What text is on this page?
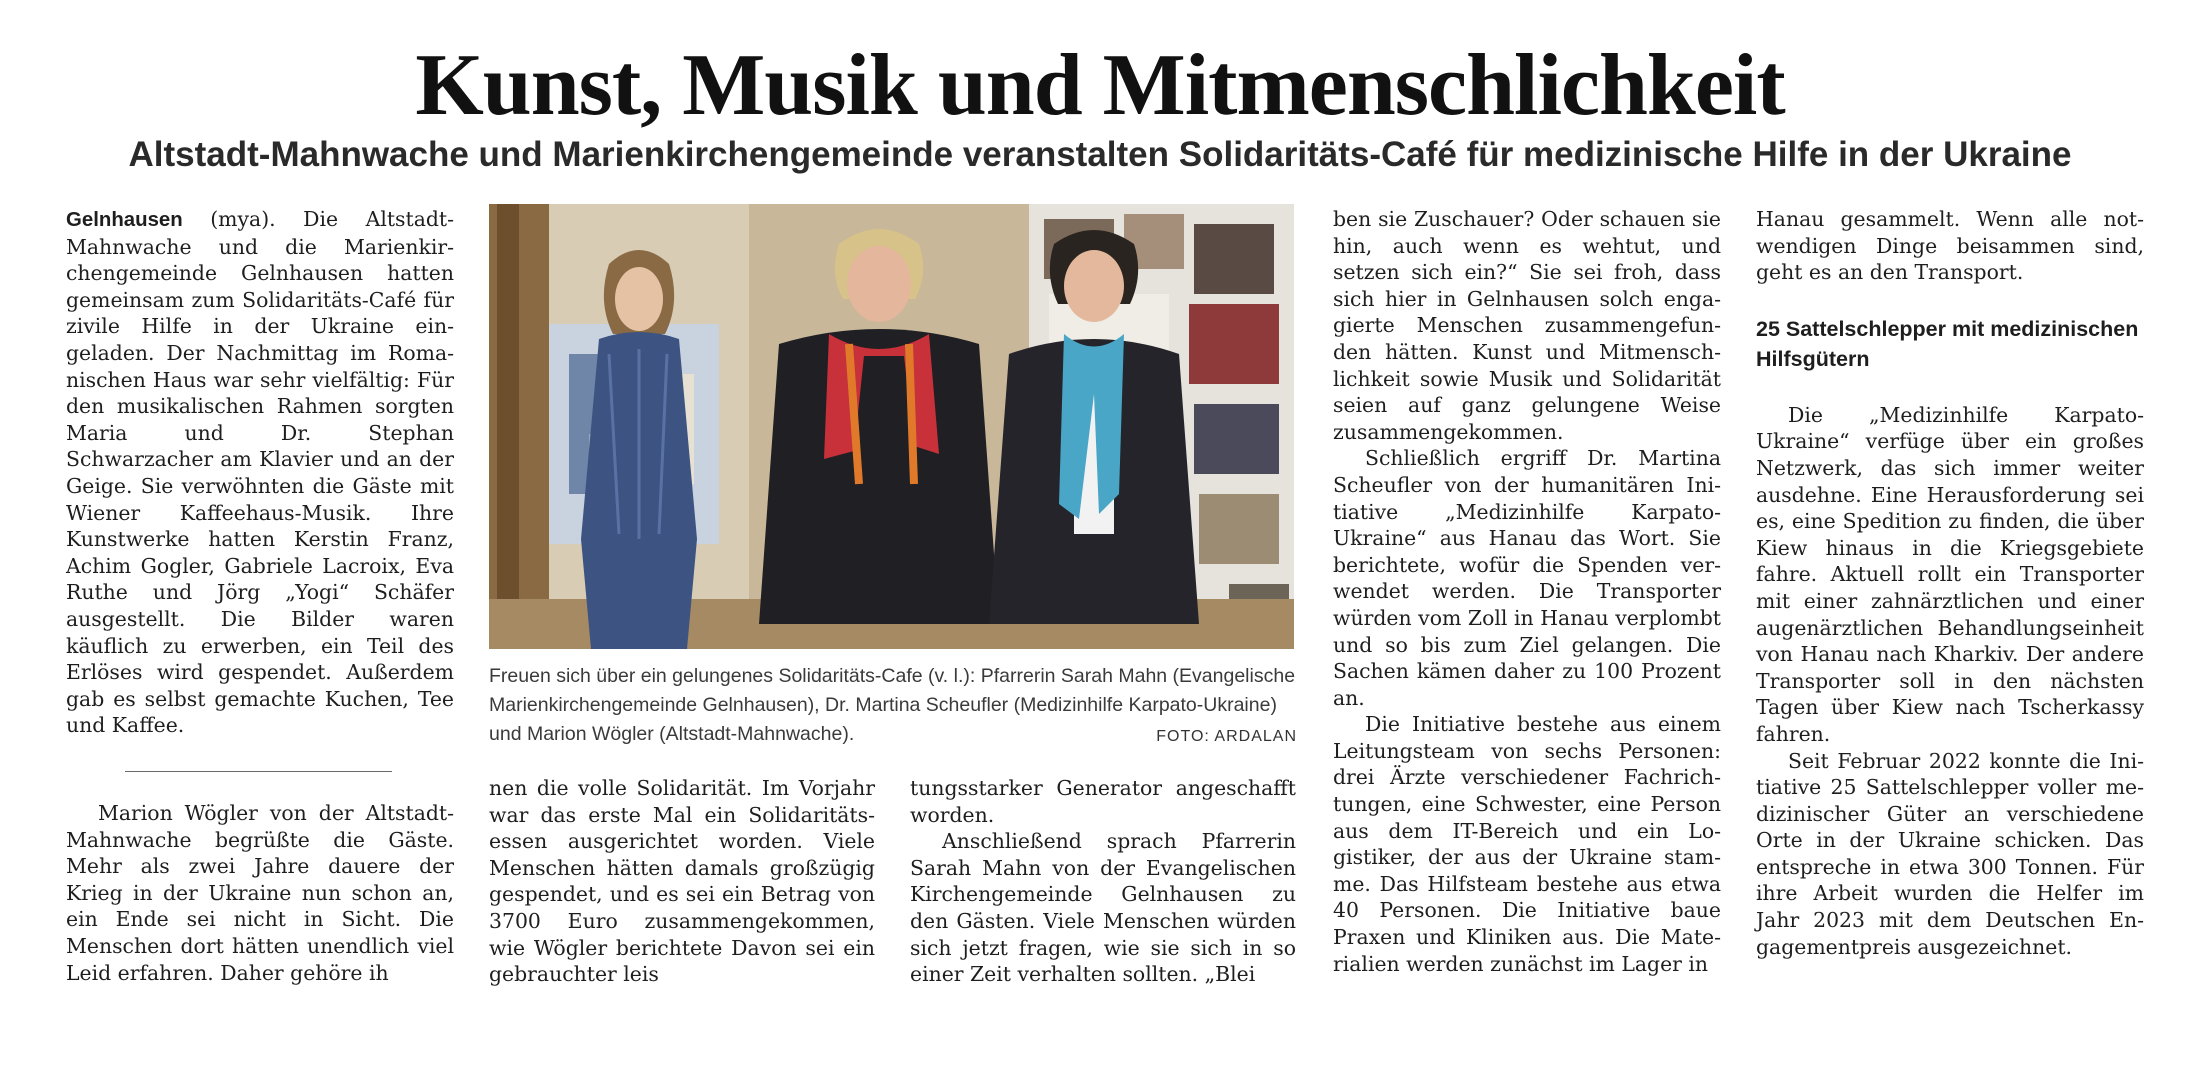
Kunst, Musik und Mitmenschlichkeit
Altstadt-Mahnwache und Marienkirchengemeinde veranstalten Solidaritäts-Café für medizinische Hilfe in der Ukraine

Gelnhausen (mya). Die Altstadt-Mahnwache und die Marienkirchengemeinde Gelnhausen hatten gemeinsam zum Solidaritäts-Café für zivile Hilfe in der Ukraine eingeladen. Der Nachmittag im Romanischen Haus war sehr vielfältig: Für den musikalischen Rahmen sorgten Maria und Dr. Stephan Schwarzacher am Klavier und an der Geige. Sie verwöhnten die Gäste mit Wiener Kaffeehaus-Musik. Ihre Kunstwerke hatten Kerstin Franz, Achim Gogler, Gabriele Lacroix, Eva Ruthe und Jörg „Yogi“ Schäfer ausgestellt. Die Bilder waren käuflich zu erwerben, ein Teil des Erlöses wird gespendet. Außerdem gab es selbst gemachte Kuchen, Tee und Kaffee.

Marion Wögler von der Altstadt-Mahnwache begrüßte die Gäste. Mehr als zwei Jahre dauere der Krieg in der Ukraine nun schon an, ein Ende sei nicht in Sicht. Die Menschen dort hätten unendlich viel Leid erfahren. Daher gehöre ih

Freuen sich über ein gelungenes Solidaritäts-Cafe (v. l.): Pfarrerin Sarah Mahn (Evangelische Marienkirchengemeinde Gelnhausen), Dr. Martina Scheufler (Medizinhilfe Karpato-Ukraine) und Marion Wögler (Altstadt-Mahnwache).	FOTO: ARDALAN

nen die volle Solidarität. Im Vorjahr war das erste Mal ein Solidaritätsessen ausgerichtet worden. Viele Menschen hätten damals großzügig gespendet, und es sei ein Betrag von 3700 Euro zusammengekommen, wie Wögler berichtete Davon sei ein gebrauchter leis

tungsstarker Generator angeschafft worden.

Anschließend sprach Pfarrerin Sarah Mahn von der Evangelischen Kirchengemeinde Gelnhausen zu den Gästen. Viele Menschen würden sich jetzt fragen, wie sie sich in so einer Zeit verhalten sollten. „Blei

ben sie Zuschauer? Oder schauen sie hin, auch wenn es wehtut, und setzen sich ein?“ Sie sei froh, dass sich hier in Gelnhausen solch engagierte Menschen zusammengefunden hätten. Kunst und Mitmenschlichkeit sowie Musik und Solidarität seien auf ganz gelungene Weise zusammengekommen.

Schließlich ergriff Dr. Martina Scheufler von der humanitären Initiative „Medizinhilfe Karpato-Ukraine“ aus Hanau das Wort. Sie berichtete, wofür die Spenden verwendet werden. Die Transporter würden vom Zoll in Hanau verplombt und so bis zum Ziel gelangen. Die Sachen kämen daher zu 100 Prozent an.

Die Initiative bestehe aus einem Leitungsteam von sechs Personen: drei Ärzte verschiedener Fachrichtungen, eine Schwester, eine Person aus dem IT-Bereich und ein Logistiker, der aus der Ukraine stamme. Das Hilfsteam bestehe aus etwa 40 Personen. Die Initiative baue Praxen und Kliniken aus. Die Materialien werden zunächst im Lager in

Hanau gesammelt. Wenn alle notwendigen Dinge beisammen sind, geht es an den Transport.

25 Sattelschlepper mit medizinischen Hilfsgütern

Die „Medizinhilfe Karpato-Ukraine“ verfüge über ein großes Netzwerk, das sich immer weiter ausdehne. Eine Herausforderung sei es, eine Spedition zu finden, die über Kiew hinaus in die Kriegsgebiete fahre. Aktuell rollt ein Transporter mit einer zahnärztlichen und einer augenärztlichen Behandlungseinheit von Hanau nach Kharkiv. Der andere Transporter soll in den nächsten Tagen über Kiew nach Tscherkassy fahren.

Seit Februar 2022 konnte die Initiative 25 Sattelschlepper voller medizinischer Güter an verschiedene Orte in der Ukraine schicken. Das entspreche in etwa 300 Tonnen. Für ihre Arbeit wurden die Helfer im Jahr 2023 mit dem Deutschen Engagementpreis ausgezeichnet.
